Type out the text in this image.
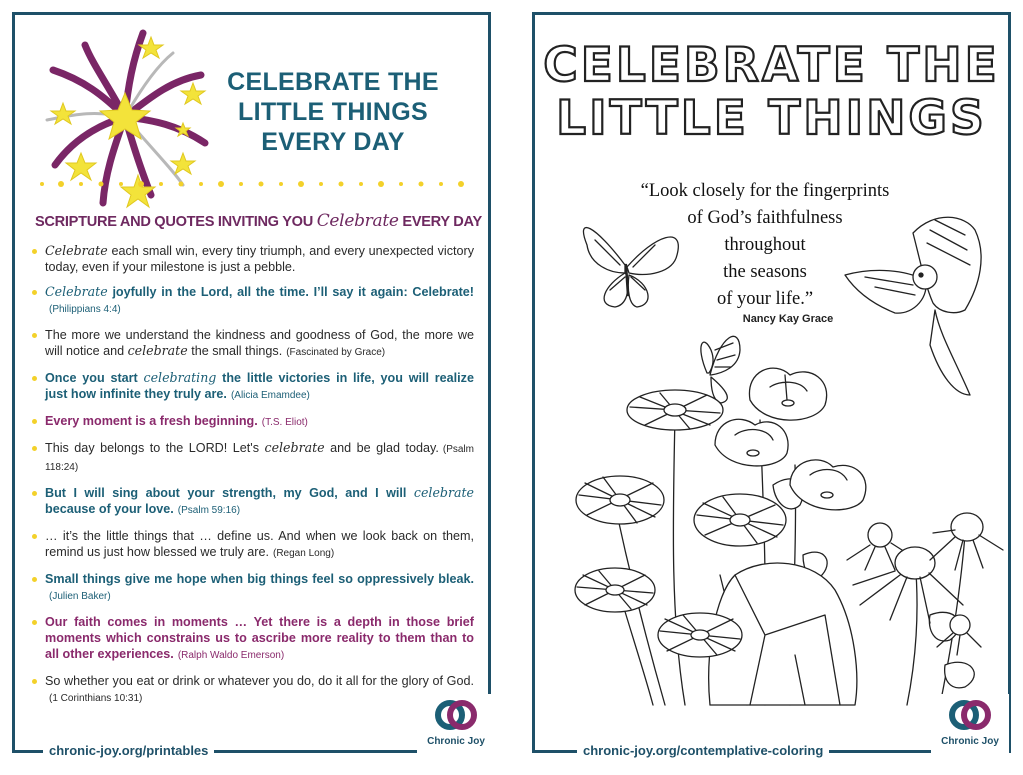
CELEBRATE THE
LITTLE THINGS
EVERY DAY
SCRIPTURE AND QUOTES INVITING YOU Celebrate EVERY DAY
Celebrate each small win, every tiny triumph, and every unexpected victory today, even if your milestone is just a pebble.
Celebrate joyfully in the Lord, all the time. I’ll say it again: Celebrate!(Philippians 4:4)
The more we understand the kindness and goodness of God, the more we will notice and celebrate the small things. (Fascinated by Grace)
Once you start celebrating the little victories in life, you will realize just how infinite they truly are. (Alicia Emamdee)
Every moment is a fresh beginning. (T.S. Eliot)
This day belongs to the LORD! Let's celebrate and be glad today. (Psalm 118:24)
But I will sing about your strength, my God, and I will celebrate because of your love. (Psalm 59:16)
… it’s the little things that … define us. And when we look back on them, remind us just how blessed we truly are. (Regan Long)
Small things give me hope when big things feel so oppressively bleak.(Julien Baker)
Our faith comes in moments … Yet there is a depth in those brief moments which constrains us to ascribe more reality to them than to all other experiences. (Ralph Waldo Emerson)
So whether you eat or drink or whatever you do, do it all for the glory of God.(1 Corinthians 10:31)
chronic-joy.org/printables
Chronic Joy
CELEBRATE THE
LITTLE THINGS
“Look closely for the fingerprints
of God’s faithfulness
throughout
the seasons
of your life.”
Nancy Kay Grace
chronic-joy.org/contemplative-coloring
Chronic Joy
